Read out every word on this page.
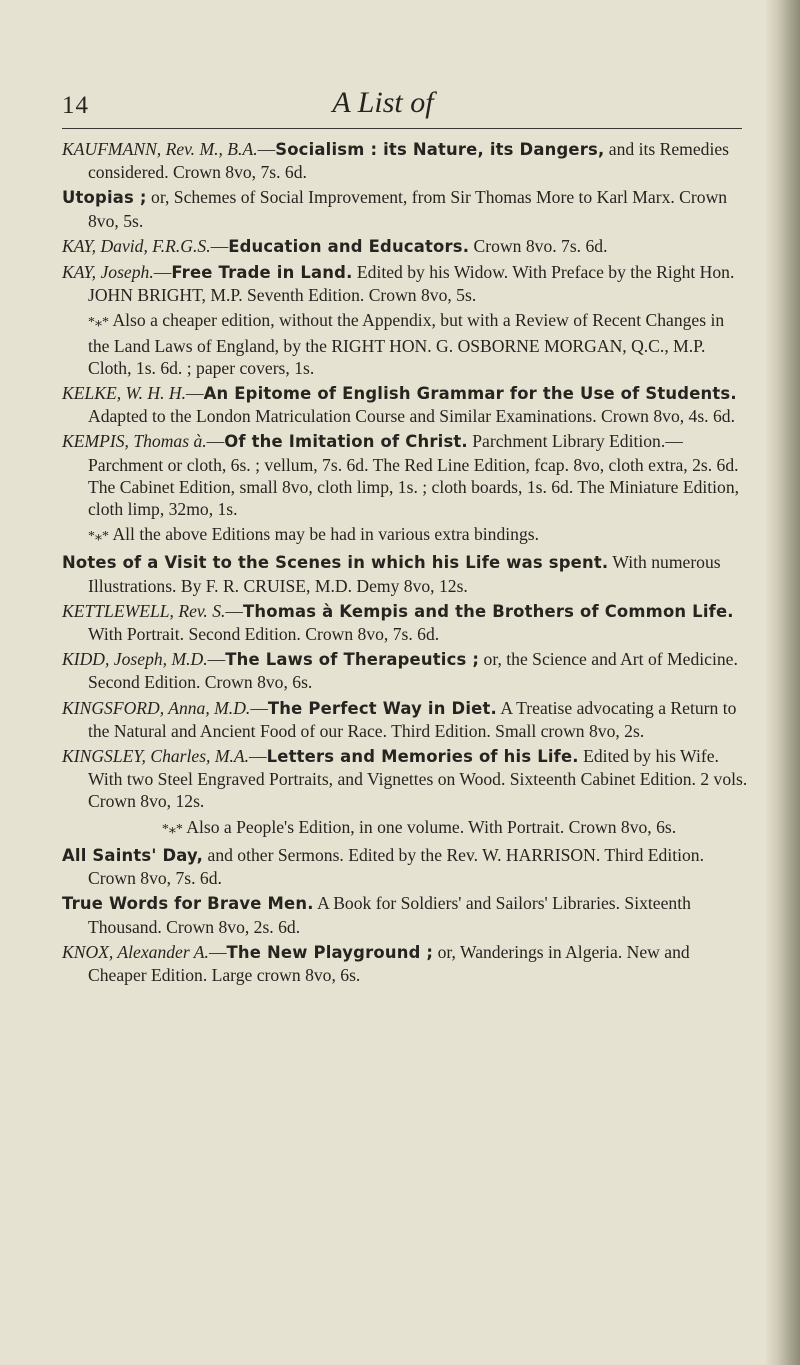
14	A List of

KAUFMANN, Rev. M., B.A.—Socialism : its Nature, its Dangers, and its Remedies considered. Crown 8vo, 7s. 6d.

Utopias ; or, Schemes of Social Improvement, from Sir Thomas More to Karl Marx. Crown 8vo, 5s.

KAY, David, F.R.G.S.—Education and Educators. Crown 8vo. 7s. 6d.

KAY, Joseph.—Free Trade in Land. Edited by his Widow. With Preface by the Right Hon. JOHN BRIGHT, M.P. Seventh Edition. Crown 8vo, 5s.

*⁎* Also a cheaper edition, without the Appendix, but with a Review of Recent Changes in the Land Laws of England, by the RIGHT HON. G. OSBORNE MORGAN, Q.C., M.P. Cloth, 1s. 6d. ; paper covers, 1s.

KELKE, W. H. H.—An Epitome of English Grammar for the Use of Students. Adapted to the London Matriculation Course and Similar Examinations. Crown 8vo, 4s. 6d.

KEMPIS, Thomas à.—Of the Imitation of Christ. Parchment Library Edition.—Parchment or cloth, 6s. ; vellum, 7s. 6d. The Red Line Edition, fcap. 8vo, cloth extra, 2s. 6d. The Cabinet Edition, small 8vo, cloth limp, 1s. ; cloth boards, 1s. 6d. The Miniature Edition, cloth limp, 32mo, 1s.

*⁎* All the above Editions may be had in various extra bindings.

Notes of a Visit to the Scenes in which his Life was spent. With numerous Illustrations. By F. R. CRUISE, M.D. Demy 8vo, 12s.

KETTLEWELL, Rev. S.—Thomas à Kempis and the Brothers of Common Life. With Portrait. Second Edition. Crown 8vo, 7s. 6d.

KIDD, Joseph, M.D.—The Laws of Therapeutics ; or, the Science and Art of Medicine. Second Edition. Crown 8vo, 6s.

KINGSFORD, Anna, M.D.—The Perfect Way in Diet. A Treatise advocating a Return to the Natural and Ancient Food of our Race. Third Edition. Small crown 8vo, 2s.

KINGSLEY, Charles, M.A.—Letters and Memories of his Life. Edited by his Wife. With two Steel Engraved Portraits, and Vignettes on Wood. Sixteenth Cabinet Edition. 2 vols. Crown 8vo, 12s.

*⁎* Also a People's Edition, in one volume. With Portrait. Crown 8vo, 6s.

All Saints' Day, and other Sermons. Edited by the Rev. W. HARRISON. Third Edition. Crown 8vo, 7s. 6d.

True Words for Brave Men. A Book for Soldiers' and Sailors' Libraries. Sixteenth Thousand. Crown 8vo, 2s. 6d.

KNOX, Alexander A.—The New Playground ; or, Wanderings in Algeria. New and Cheaper Edition. Large crown 8vo, 6s.
